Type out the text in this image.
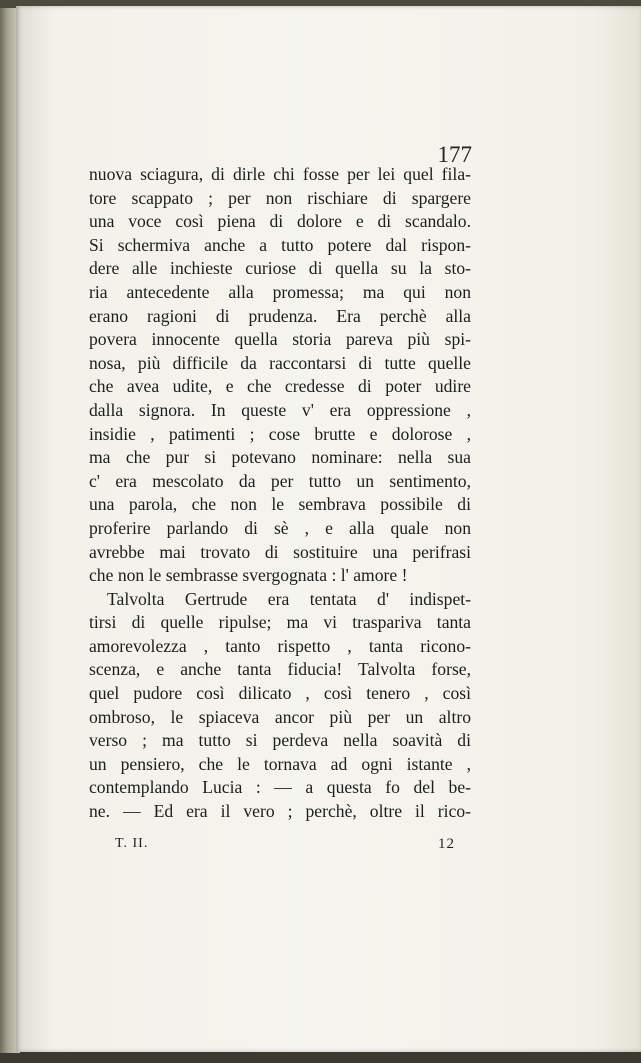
177
nuova sciagura, di dirle chi fosse per lei quel fila-
tore scappato ; per non rischiare di spargere
una voce così piena di dolore e di scandalo.
Si schermiva anche a tutto potere dal rispon-
dere alle inchieste curiose di quella su la sto-
ria antecedente alla promessa; ma qui non
erano ragioni di prudenza. Era perchè alla
povera innocente quella storia pareva più spi-
nosa, più difficile da raccontarsi di tutte quelle
che avea udite, e che credesse di poter udire
dalla signora. In queste v' era oppressione ,
insidie , patimenti ; cose brutte e dolorose ,
ma che pur si potevano nominare: nella sua
c' era mescolato da per tutto un sentimento,
una parola, che non le sembrava possibile di
proferire parlando di sè , e alla quale non
avrebbe mai trovato di sostituire una perifrasi
che non le sembrasse svergognata : l' amore !
Talvolta Gertrude era tentata d' indispet-
tirsi di quelle ripulse; ma vi traspariva tanta
amorevolezza , tanto rispetto , tanta ricono-
scenza, e anche tanta fiducia! Talvolta forse,
quel pudore così dilicato , così tenero , così
ombroso, le spiaceva ancor più per un altro
verso ; ma tutto si perdeva nella soavità di
un pensiero, che le tornava ad ogni istante ,
contemplando Lucia : — a questa fo del be-
ne. — Ed era il vero ; perchè, oltre il rico-
T. II.	12
